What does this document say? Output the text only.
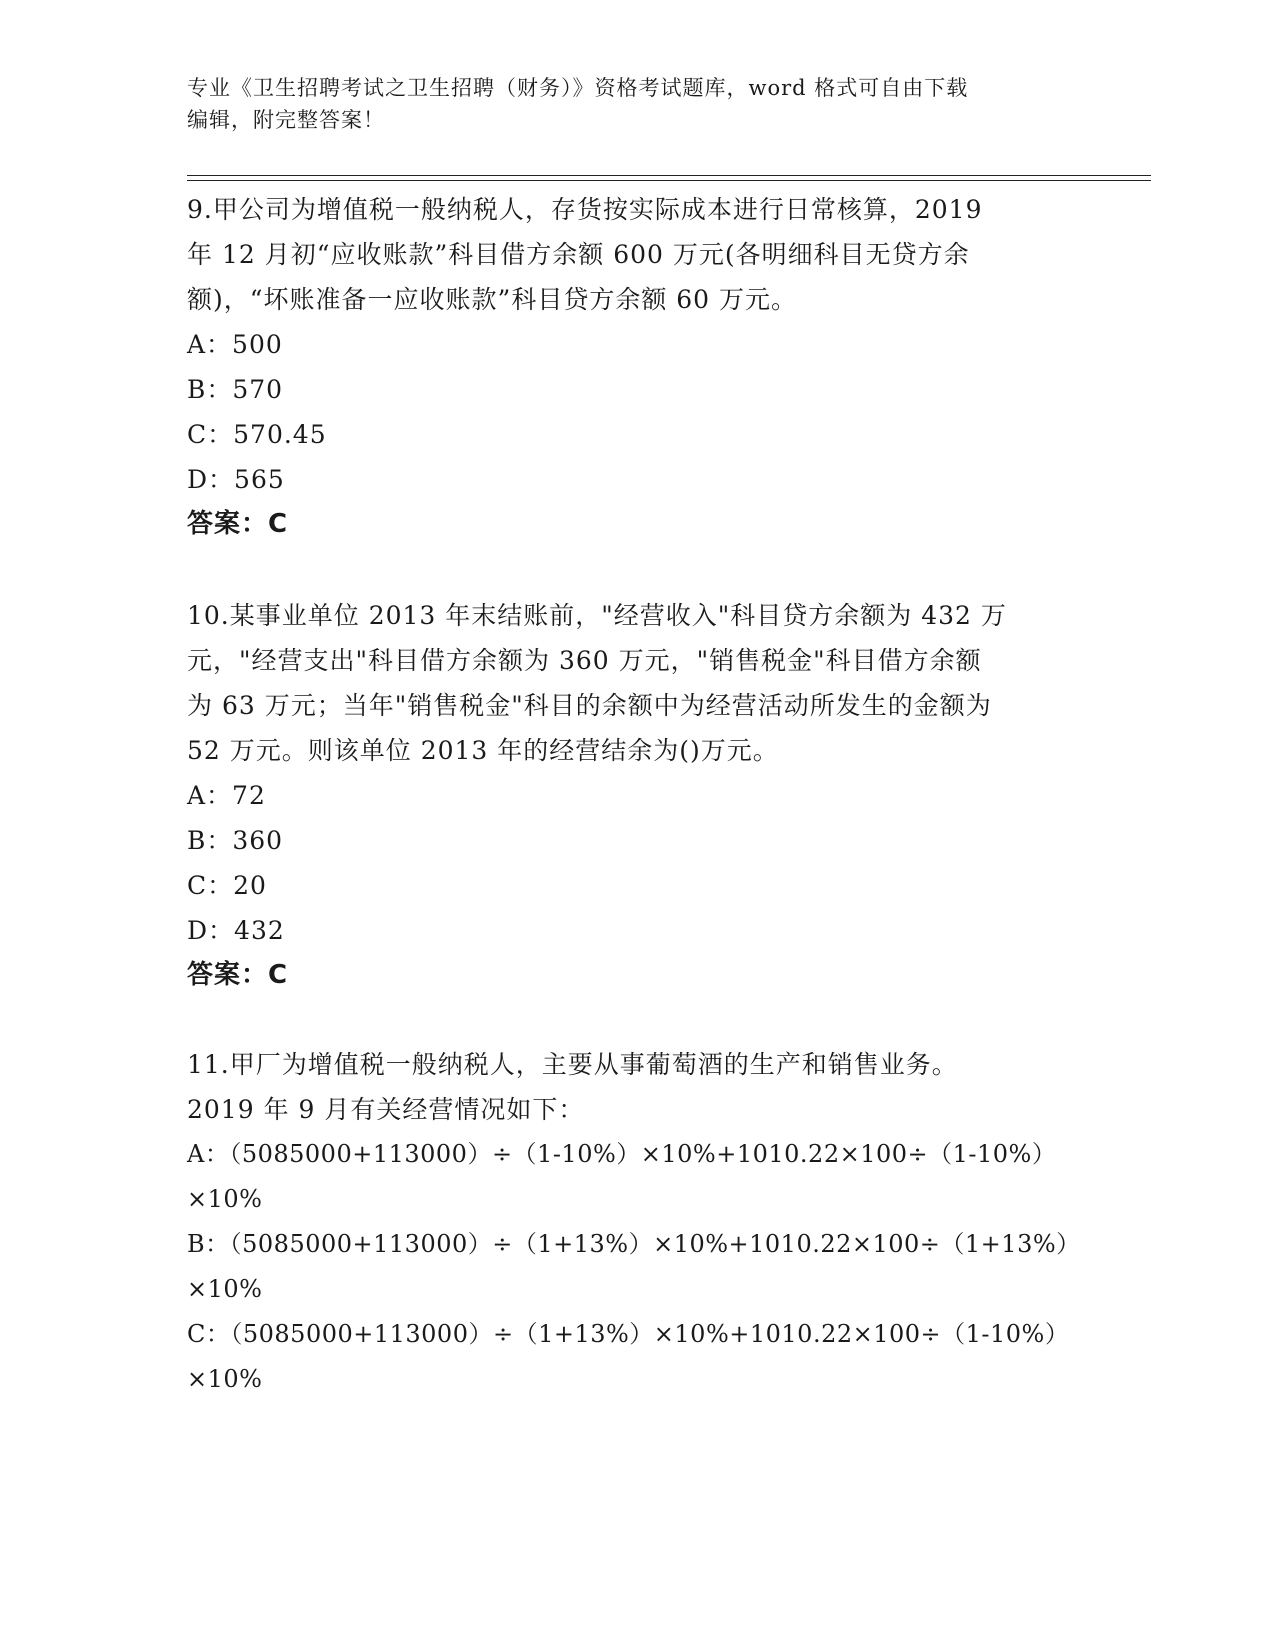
专业《卫生招聘考试之卫生招聘（财务）》资格考试题库，word 格式可自由下载
编辑，附完整答案！
9.甲公司为增值税一般纳税人，存货按实际成本进行日常核算，2019
年 12 月初“应收账款”科目借方余额 600 万元(各明细科目无贷方余
额)，“坏账准备一应收账款”科目贷方余额 60 万元。
A：500
B：570
C：570.45
D：565
答案：C
10.某事业单位 2013 年末结账前，"经营收入"科目贷方余额为 432 万
元，"经营支出"科目借方余额为 360 万元，"销售税金"科目借方余额
为 63 万元；当年"销售税金"科目的余额中为经营活动所发生的金额为
52 万元。则该单位 2013 年的经营结余为()万元。
A：72
B：360
C：20
D：432
答案：C
11.甲厂为增值税一般纳税人，主要从事葡萄酒的生产和销售业务。
2019 年 9 月有关经营情况如下：
A：（5085000+113000）÷（1-10%）×10%+1010.22×100÷（1-10%）
×10%
B：（5085000+113000）÷（1+13%）×10%+1010.22×100÷（1+13%）
×10%
C：（5085000+113000）÷（1+13%）×10%+1010.22×100÷（1-10%）
×10%
